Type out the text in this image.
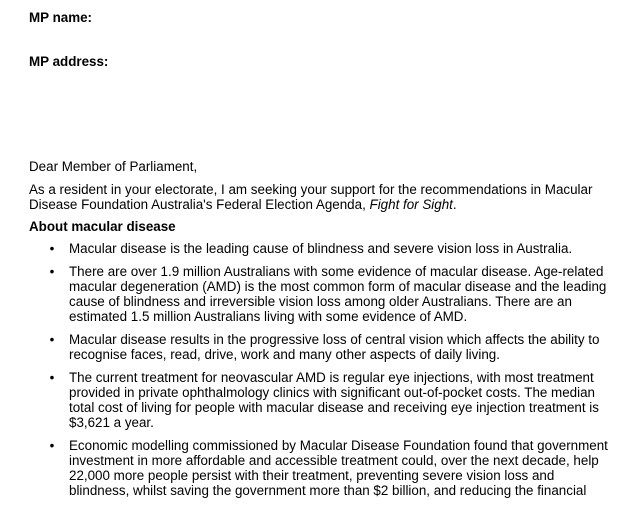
MP name:
MP address:
Dear Member of Parliament,
As a resident in your electorate, I am seeking your support for the recommendations in Macular Disease Foundation Australia's Federal Election Agenda, Fight for Sight.
About macular disease
• Macular disease is the leading cause of blindness and severe vision loss in Australia.
• There are over 1.9 million Australians with some evidence of macular disease. Age-related macular degeneration (AMD) is the most common form of macular disease and the leading cause of blindness and irreversible vision loss among older Australians. There are an estimated 1.5 million Australians living with some evidence of AMD.
• Macular disease results in the progressive loss of central vision which affects the ability to recognise faces, read, drive, work and many other aspects of daily living.
• The current treatment for neovascular AMD is regular eye injections, with most treatment provided in private ophthalmology clinics with significant out-of-pocket costs. The median total cost of living for people with macular disease and receiving eye injection treatment is $3,621 a year.
• Economic modelling commissioned by Macular Disease Foundation found that government investment in more affordable and accessible treatment could, over the next decade, help 22,000 more people persist with their treatment, preventing severe vision loss and blindness, whilst saving the government more than $2 billion, and reducing the financial
